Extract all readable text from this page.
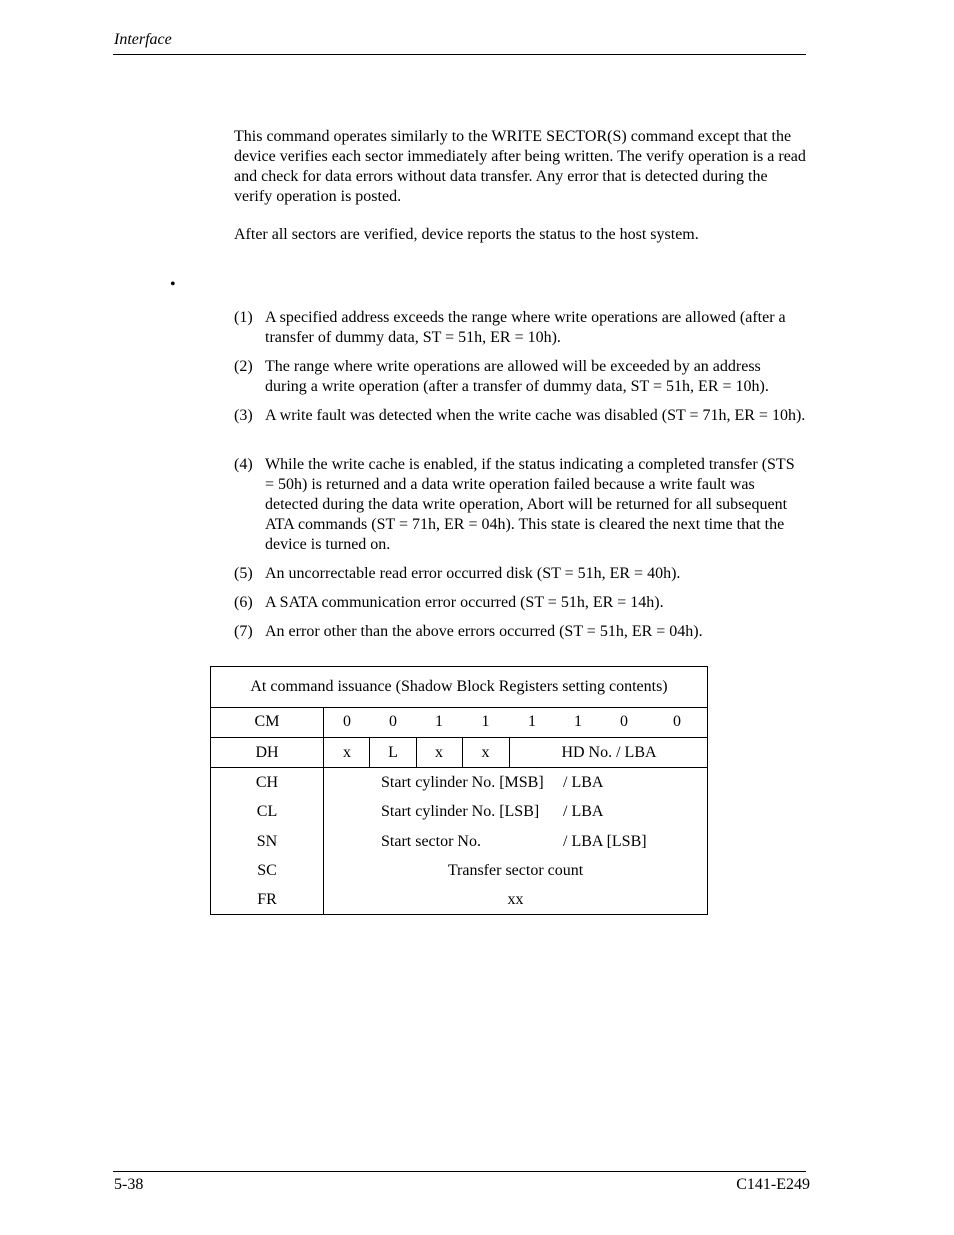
Interface
This command operates similarly to the WRITE SECTOR(S) command except that the device verifies each sector immediately after being written. The verify operation is a read and check for data errors without data transfer. Any error that is detected during the verify operation is posted.
After all sectors are verified, device reports the status to the host system.
•
(1) A specified address exceeds the range where write operations are allowed (after a transfer of dummy data, ST = 51h, ER = 10h).
(2) The range where write operations are allowed will be exceeded by an address during a write operation (after a transfer of dummy data, ST = 51h, ER = 10h).
(3) A write fault was detected when the write cache was disabled (ST = 71h, ER = 10h).
(4) While the write cache is enabled, if the status indicating a completed transfer (STS = 50h) is returned and a data write operation failed because a write fault was detected during the data write operation, Abort will be returned for all subsequent ATA commands (ST = 71h, ER = 04h). This state is cleared the next time that the device is turned on.
(5) An uncorrectable read error occurred disk (ST = 51h, ER = 40h).
(6) A SATA communication error occurred (ST = 51h, ER = 14h).
(7) An error other than the above errors occurred (ST = 51h, ER = 04h).
At command issuance (Shadow Block Registers setting contents)
CM	0	0	1	1	1	1	0	0
DH	x	L	x	x	HD No. / LBA
CH	Start cylinder No. [MSB] / LBA
CL	Start cylinder No. [LSB] / LBA
SN	Start sector No.	/ LBA [LSB]
SC	Transfer sector count
FR	xx
5-38	C141-E249
